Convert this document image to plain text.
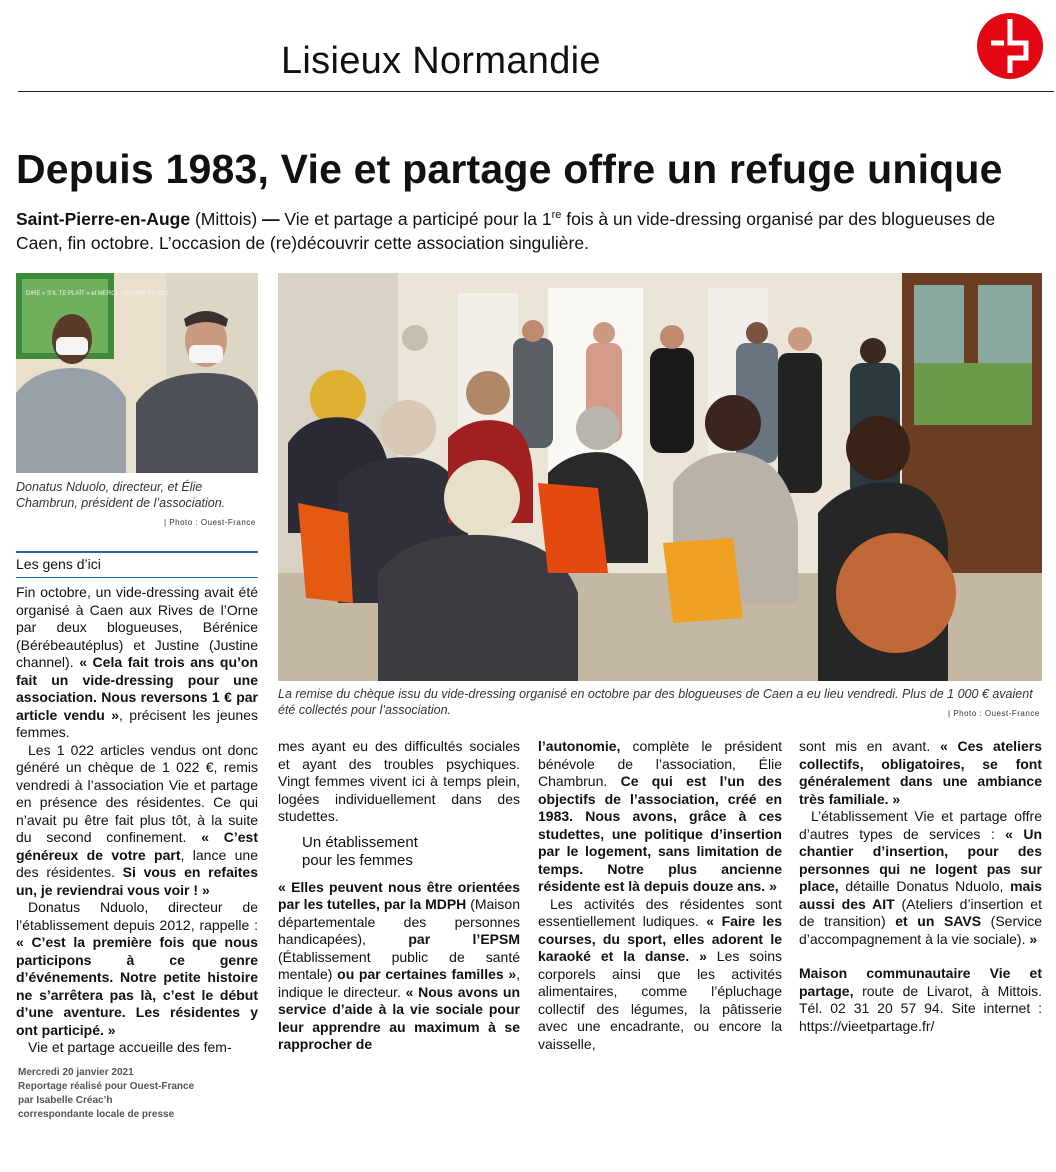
Lisieux Normandie
Depuis 1983, Vie et partage offre un refuge unique
Saint-Pierre-en-Auge (Mittois) — Vie et partage a participé pour la 1re fois à un vide-dressing organisé par des blogueuses de Caen, fin octobre. L’occasion de (re)découvrir cette association singulière.
DIRE « S’IL TE PLAÎT » et MERCI · CROIRE EN SOI
Donatus Nduolo, directeur, et Élie Chambrun, président de l’association.
| Photo : Ouest-France
La remise du chèque issu du vide-dressing organisé en octobre par des blogueuses de Caen a eu lieu vendredi. Plus de 1 000 € avaient été collectés pour l’association.	| Photo : Ouest-France
Les gens d’ici

Fin octobre, un vide-dressing avait été organisé à Caen aux Rives de l’Orne par deux blogueuses, Bérénice (Bérébeautéplus) et Justine (Justine channel). « Cela fait trois ans qu’on fait un vide-dressing pour une association. Nous reversons 1 € par article vendu », précisent les jeunes femmes.

Les 1 022 articles vendus ont donc généré un chèque de 1 022 €, remis vendredi à l’association Vie et partage en présence des résidentes. Ce qui n’avait pu être fait plus tôt, à la suite du second confinement. « C’est généreux de votre part, lance une des résidentes. Si vous en refaites un, je reviendrai vous voir ! »

Donatus Nduolo, directeur de l’établissement depuis 2012, rappelle : « C’est la première fois que nous participons à ce genre d’événements. Notre petite histoire ne s’arrêtera pas là, c’est le début d’une aventure. Les résidentes y ont participé. »

Vie et partage accueille des fem-

mes ayant eu des difficultés sociales et ayant des troubles psychiques. Vingt femmes vivent ici à temps plein, logées individuellement dans des studettes.

Un établissement
pour les femmes

« Elles peuvent nous être orientées par les tutelles, par la MDPH (Maison départementale des personnes handicapées), par l’EPSM (Établissement public de santé mentale) ou par certaines familles », indique le directeur. « Nous avons un service d’aide à la vie sociale pour leur apprendre au maximum à se rapprocher de

l’autonomie, complète le président bénévole de l’association, Élie Chambrun. Ce qui est l’un des objectifs de l’association, créé en 1983. Nous avons, grâce à ces studettes, une politique d’insertion par le logement, sans limitation de temps. Notre plus ancienne résidente est là depuis douze ans. »

Les activités des résidentes sont essentiellement ludiques. « Faire les courses, du sport, elles adorent le karaoké et la danse. » Les soins corporels ainsi que les activités alimentaires, comme l’épluchage collectif des légumes, la pâtisserie avec une encadrante, ou encore la vaisselle,

sont mis en avant. « Ces ateliers collectifs, obligatoires, se font généralement dans une ambiance très familiale. »

L’établissement Vie et partage offre d’autres types de services : « Un chantier d’insertion, pour des personnes qui ne logent pas sur place, détaille Donatus Nduolo, mais aussi des AIT (Ateliers d’insertion et de transition) et un SAVS (Service d’accompagnement à la vie sociale). »

Maison communautaire Vie et partage, route de Livarot, à Mittois. Tél. 02 31 20 57 94. Site internet : https://vieetpartage.fr/

Mercredi 20 janvier 2021
Reportage réalisé pour Ouest-France
par Isabelle Créac’h
correspondante locale de presse
